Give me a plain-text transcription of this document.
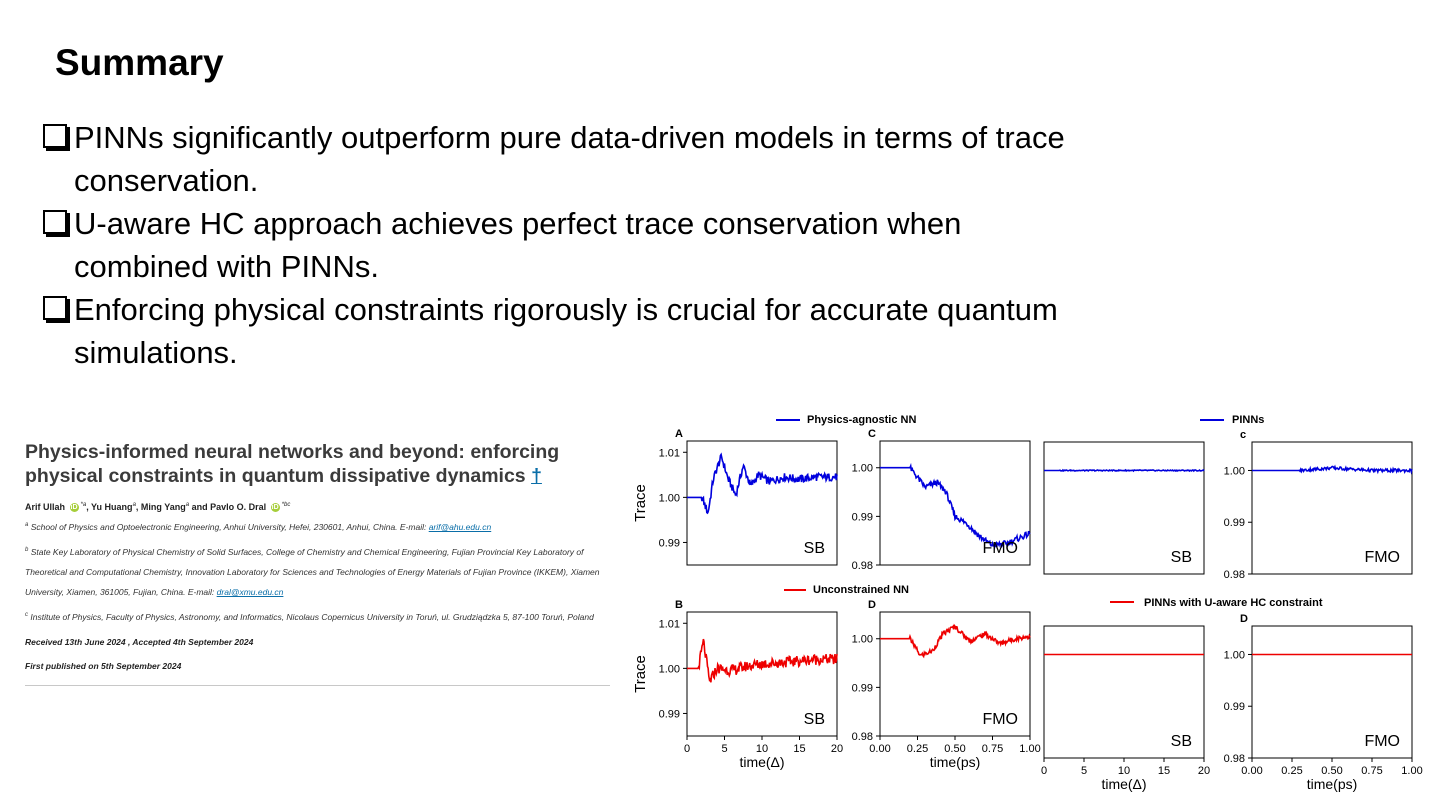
Summary
PINNs significantly outperform pure data-driven models in terms of trace conservation.
U-aware HC approach achieves perfect trace conservation when combined with PINNs.
Enforcing physical constraints rigorously is crucial for accurate quantum simulations.
Physics-informed neural networks and beyond: enforcing physical constraints in quantum dissipative dynamics †
Arif Ullah iD $^{*a}$, Yu Huang$^a$, Ming Yang$^a$ and Pavlo O. Dral iD $^{*bc}$
$^a$ School of Physics and Optoelectronic Engineering, Anhui University, Hefei, 230601, Anhui, China. E-mail: arif@ahu.edu.cn
$^b$ State Key Laboratory of Physical Chemistry of Solid Surfaces, College of Chemistry and Chemical Engineering, Fujian Provincial Key Laboratory of Theoretical and Computational Chemistry, Innovation Laboratory for Sciences and Technologies of Energy Materials of Fujian Province (IKKEM), Xiamen University, Xiamen, 361005, Fujian, China. E-mail: dral@xmu.edu.cn
$^c$ Institute of Physics, Faculty of Physics, Astronomy, and Informatics, Nicolaus Copernicus University in Toruń, ul. Grudziądzka 5, 87-100 Toruń, Poland
Received 13th June 2024 , Accepted 4th September 2024
First published on 5th September 2024
Physics-agnostic NN	PINNs
Unconstrained NN
PINNs with U-aware HC constraint
A
1.01
1.00
0.99
Trace
SB
C
1.00
0.99
0.98
FMO
SB
c
1.00
0.99
0.98
FMO
B
1.01
1.00
0.99
Trace
0	5	10 15 20
time(Δ)
SB
D
1.00
0.99
0.98
0.00 0.25 0.50 0.75 1.00
time(ps)
FMO
0	5	10	15	20
time(Δ)
SB
D
1.00
0.99
0.98
0.00 0.25 0.50 0.75 1.00
time(ps)
FMO
